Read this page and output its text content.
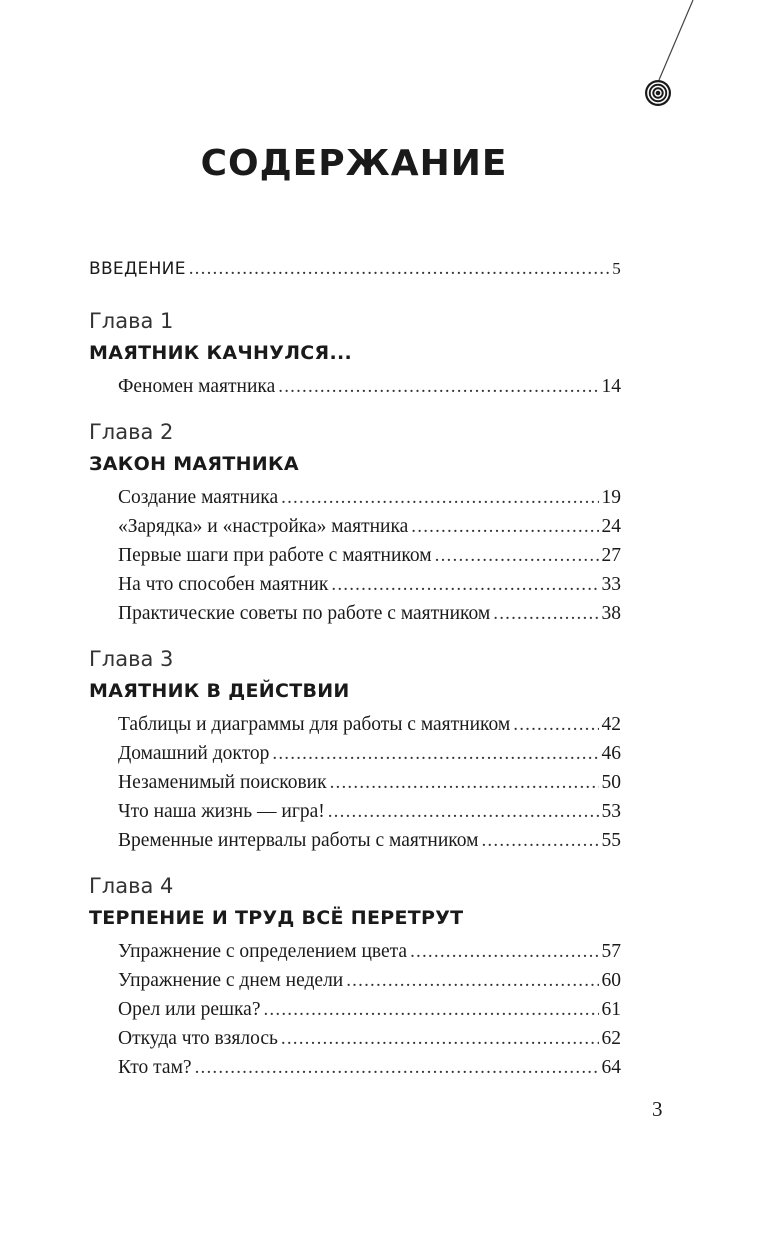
СОДЕРЖАНИЕ
ВВЕДЕНИЕ .....	5
Глава 1
МАЯТНИК КАЧНУЛСЯ...
Феномен маятника .....	14
Глава 2
ЗАКОН МАЯТНИКА
Создание маятника .....	19
«Зарядка» и «настройка» маятника .....	24
Первые шаги при работе с маятником .....	27
На что способен маятник .....	33
Практические советы по работе с маятником .....	38
Глава 3
МАЯТНИК В ДЕЙСТВИИ
Таблицы и диаграммы для работы с маятником .....	42
Домашний доктор .....	46
Незаменимый поисковик .....	50
Что наша жизнь — игра! .....	53
Временные интервалы работы с маятником .....	55
Глава 4
ТЕРПЕНИЕ И ТРУД ВСЁ ПЕРЕТРУТ
Упражнение с определением цвета .....	57
Упражнение с днем недели .....	60
Орел или решка? .....	61
Откуда что взялось .....	62
Кто там? .....	64
3
